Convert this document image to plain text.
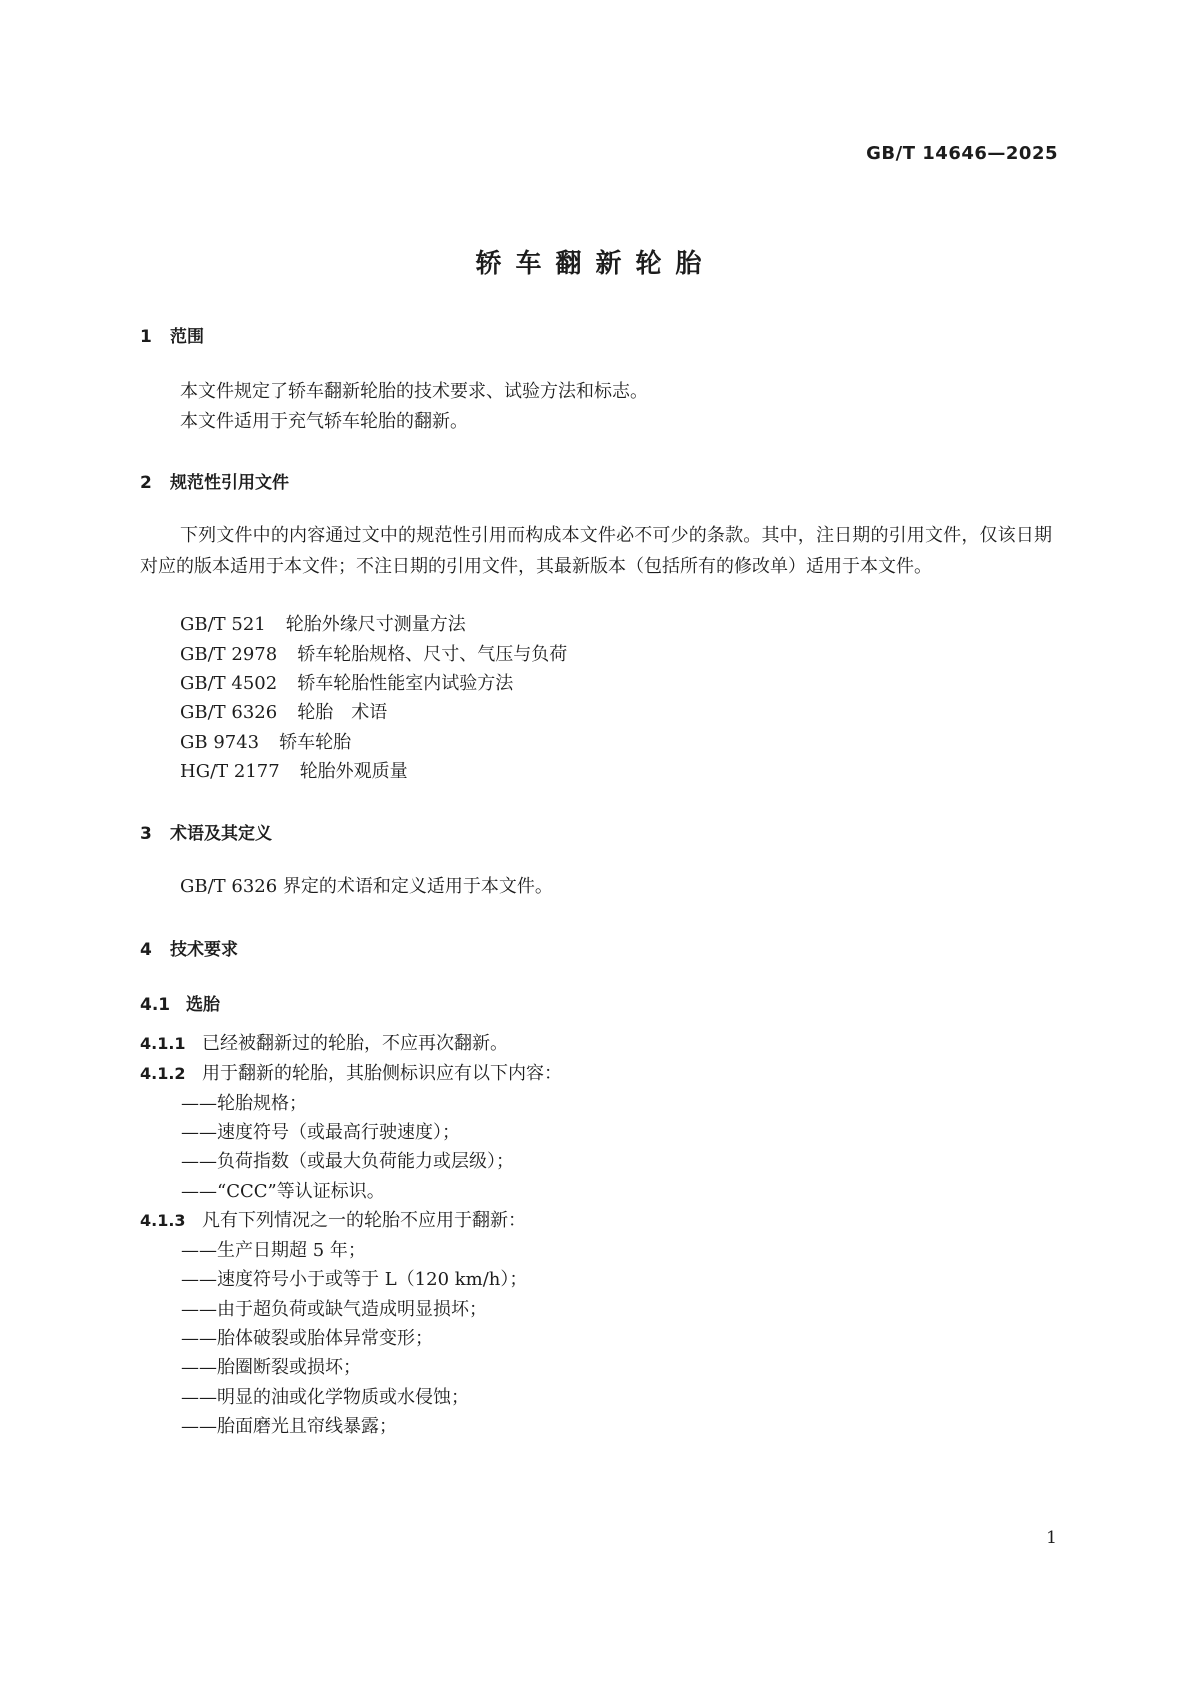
GB/T 14646—2025
轿车翻新轮胎
1 范围
本文件规定了轿车翻新轮胎的技术要求、试验方法和标志。
本文件适用于充气轿车轮胎的翻新。
2 规范性引用文件
下列文件中的内容通过文中的规范性引用而构成本文件必不可少的条款。其中，注日期的引用文件，仅该日期对应的版本适用于本文件；不注日期的引用文件，其最新版本（包括所有的修改单）适用于本文件。
GB/T 521 轮胎外缘尺寸测量方法
GB/T 2978 轿车轮胎规格、尺寸、气压与负荷
GB/T 4502 轿车轮胎性能室内试验方法
GB/T 6326 轮胎　术语
GB 9743 轿车轮胎
HG/T 2177 轮胎外观质量
3 术语及其定义
GB/T 6326 界定的术语和定义适用于本文件。
4 技术要求
4.1 选胎
4.1.1 已经被翻新过的轮胎，不应再次翻新。
4.1.2 用于翻新的轮胎，其胎侧标识应有以下内容：
——轮胎规格；
——速度符号（或最高行驶速度）；
——负荷指数（或最大负荷能力或层级）；
——“CCC”等认证标识。
4.1.3 凡有下列情况之一的轮胎不应用于翻新：
——生产日期超 5 年；
——速度符号小于或等于 L（120 km/h）；
——由于超负荷或缺气造成明显损坏；
——胎体破裂或胎体异常变形；
——胎圈断裂或损坏；
——明显的油或化学物质或水侵蚀；
——胎面磨光且帘线暴露；
1
